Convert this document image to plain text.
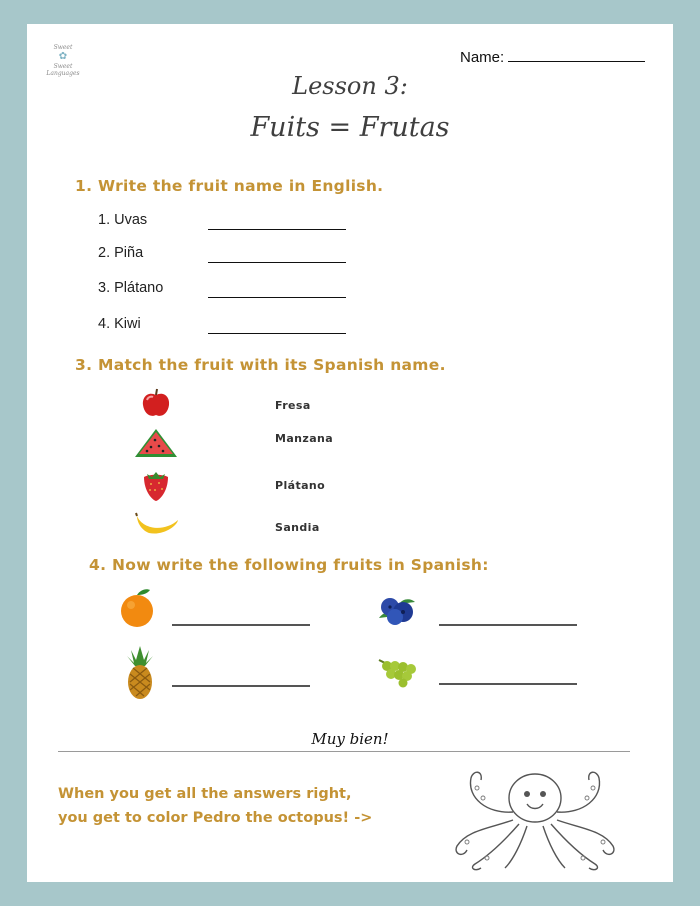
Sweet
✿
Sweet
Languages
Name:
Lesson 3:
Fuits = Frutas
1. Write the fruit name in English.
1. Uvas
2. Piña
3. Plátano
4. Kiwi
3. Match the fruit with its Spanish name.
Fresa
Manzana
Plátano
Sandia
4. Now write the following fruits in Spanish:
Muy bien!
When you get all the answers right,
you get to color Pedro the octopus! ->
